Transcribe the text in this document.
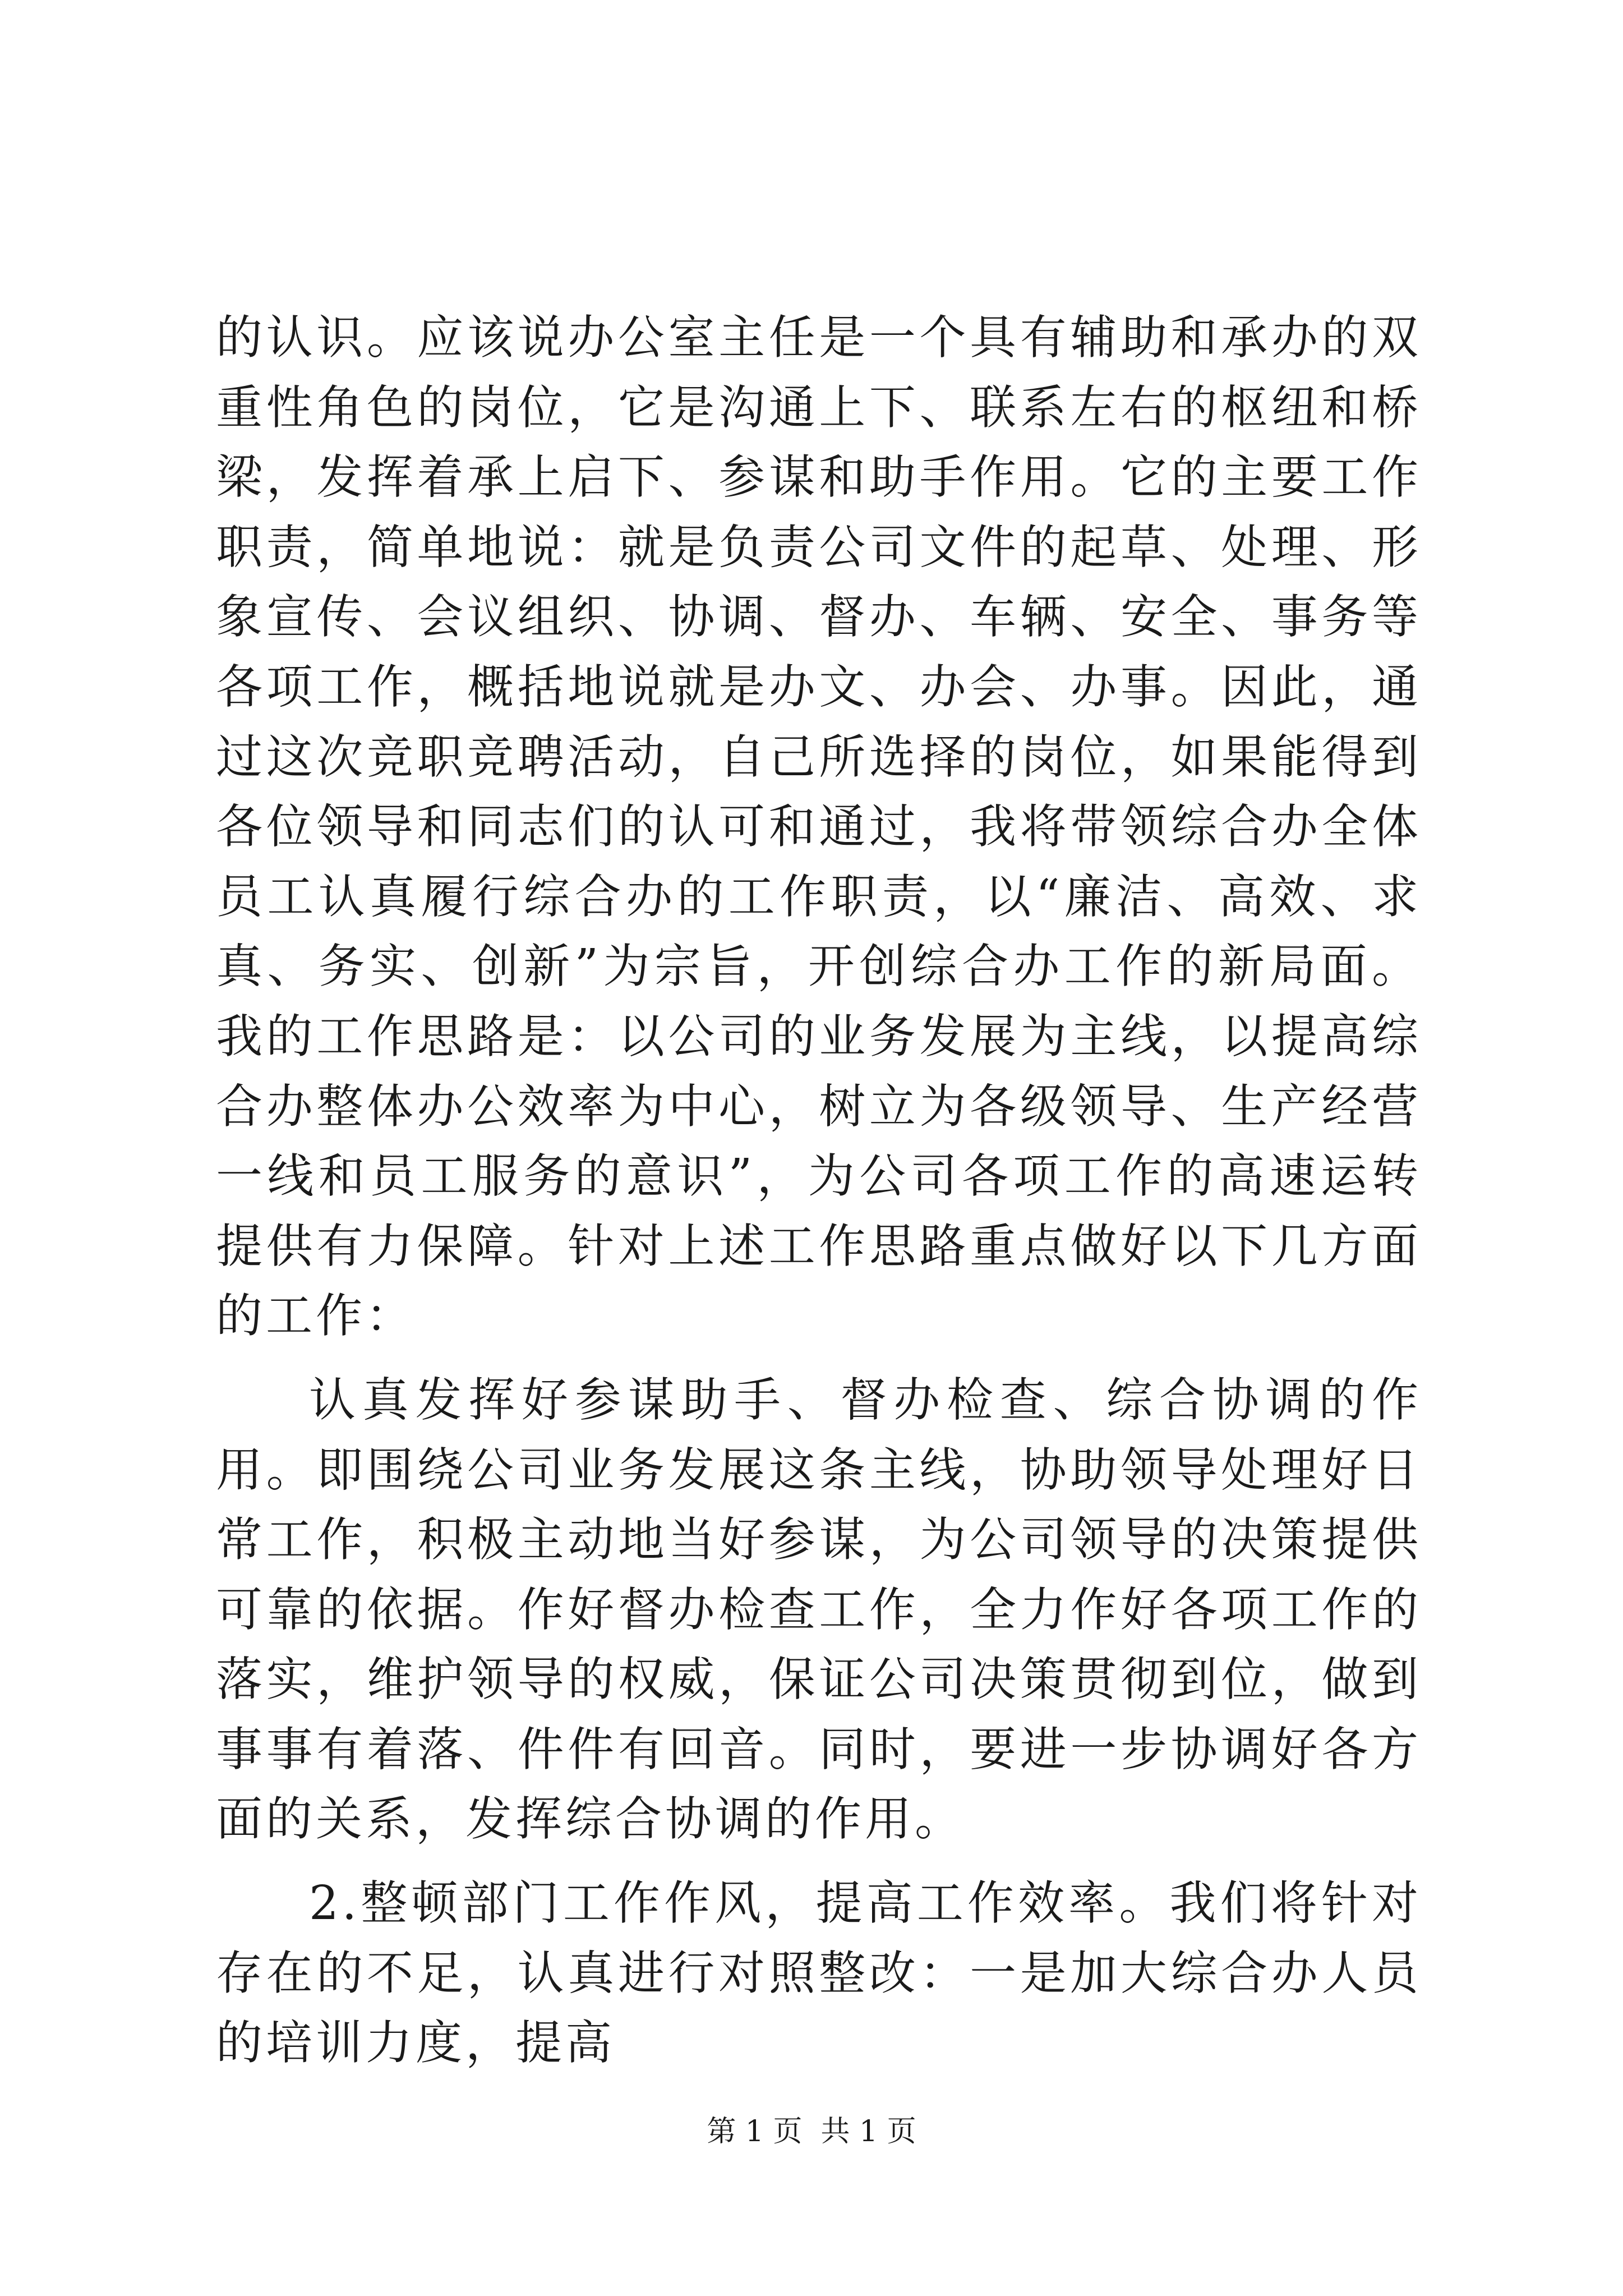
的认识。应该说办公室主任是一个具有辅助和承办的双重性角色的岗位，它是沟通上下、联系左右的枢纽和桥梁，发挥着承上启下、参谋和助手作用。它的主要工作职责，简单地说：就是负责公司文件的起草、处理、形象宣传、会议组织、协调、督办、车辆、安全、事务等各项工作，概括地说就是办文、办会、办事。因此，通过这次竞职竞聘活动，自己所选择的岗位，如果能得到各位领导和同志们的认可和通过，我将带领综合办全体员工认真履行综合办的工作职责，以“廉洁、高效、求真、务实、创新”为宗旨，开创综合办工作的新局面。我的工作思路是：以公司的业务发展为主线，以提高综合办整体办公效率为中心，树立为各级领导、生产经营一线和员工服务的意识”，为公司各项工作的高速运转提供有力保障。针对上述工作思路重点做好以下几方面的工作：

认真发挥好参谋助手、督办检查、综合协调的作用。即围绕公司业务发展这条主线，协助领导处理好日常工作，积极主动地当好参谋，为公司领导的决策提供可靠的依据。作好督办检查工作，全力作好各项工作的落实，维护领导的权威，保证公司决策贯彻到位，做到事事有着落、件件有回音。同时，要进一步协调好各方面的关系，发挥综合协调的作用。

2.整顿部门工作作风，提高工作效率。我们将针对存在的不足，认真进行对照整改：一是加大综合办人员的培训力度，提高

第 1 页  共 1 页
